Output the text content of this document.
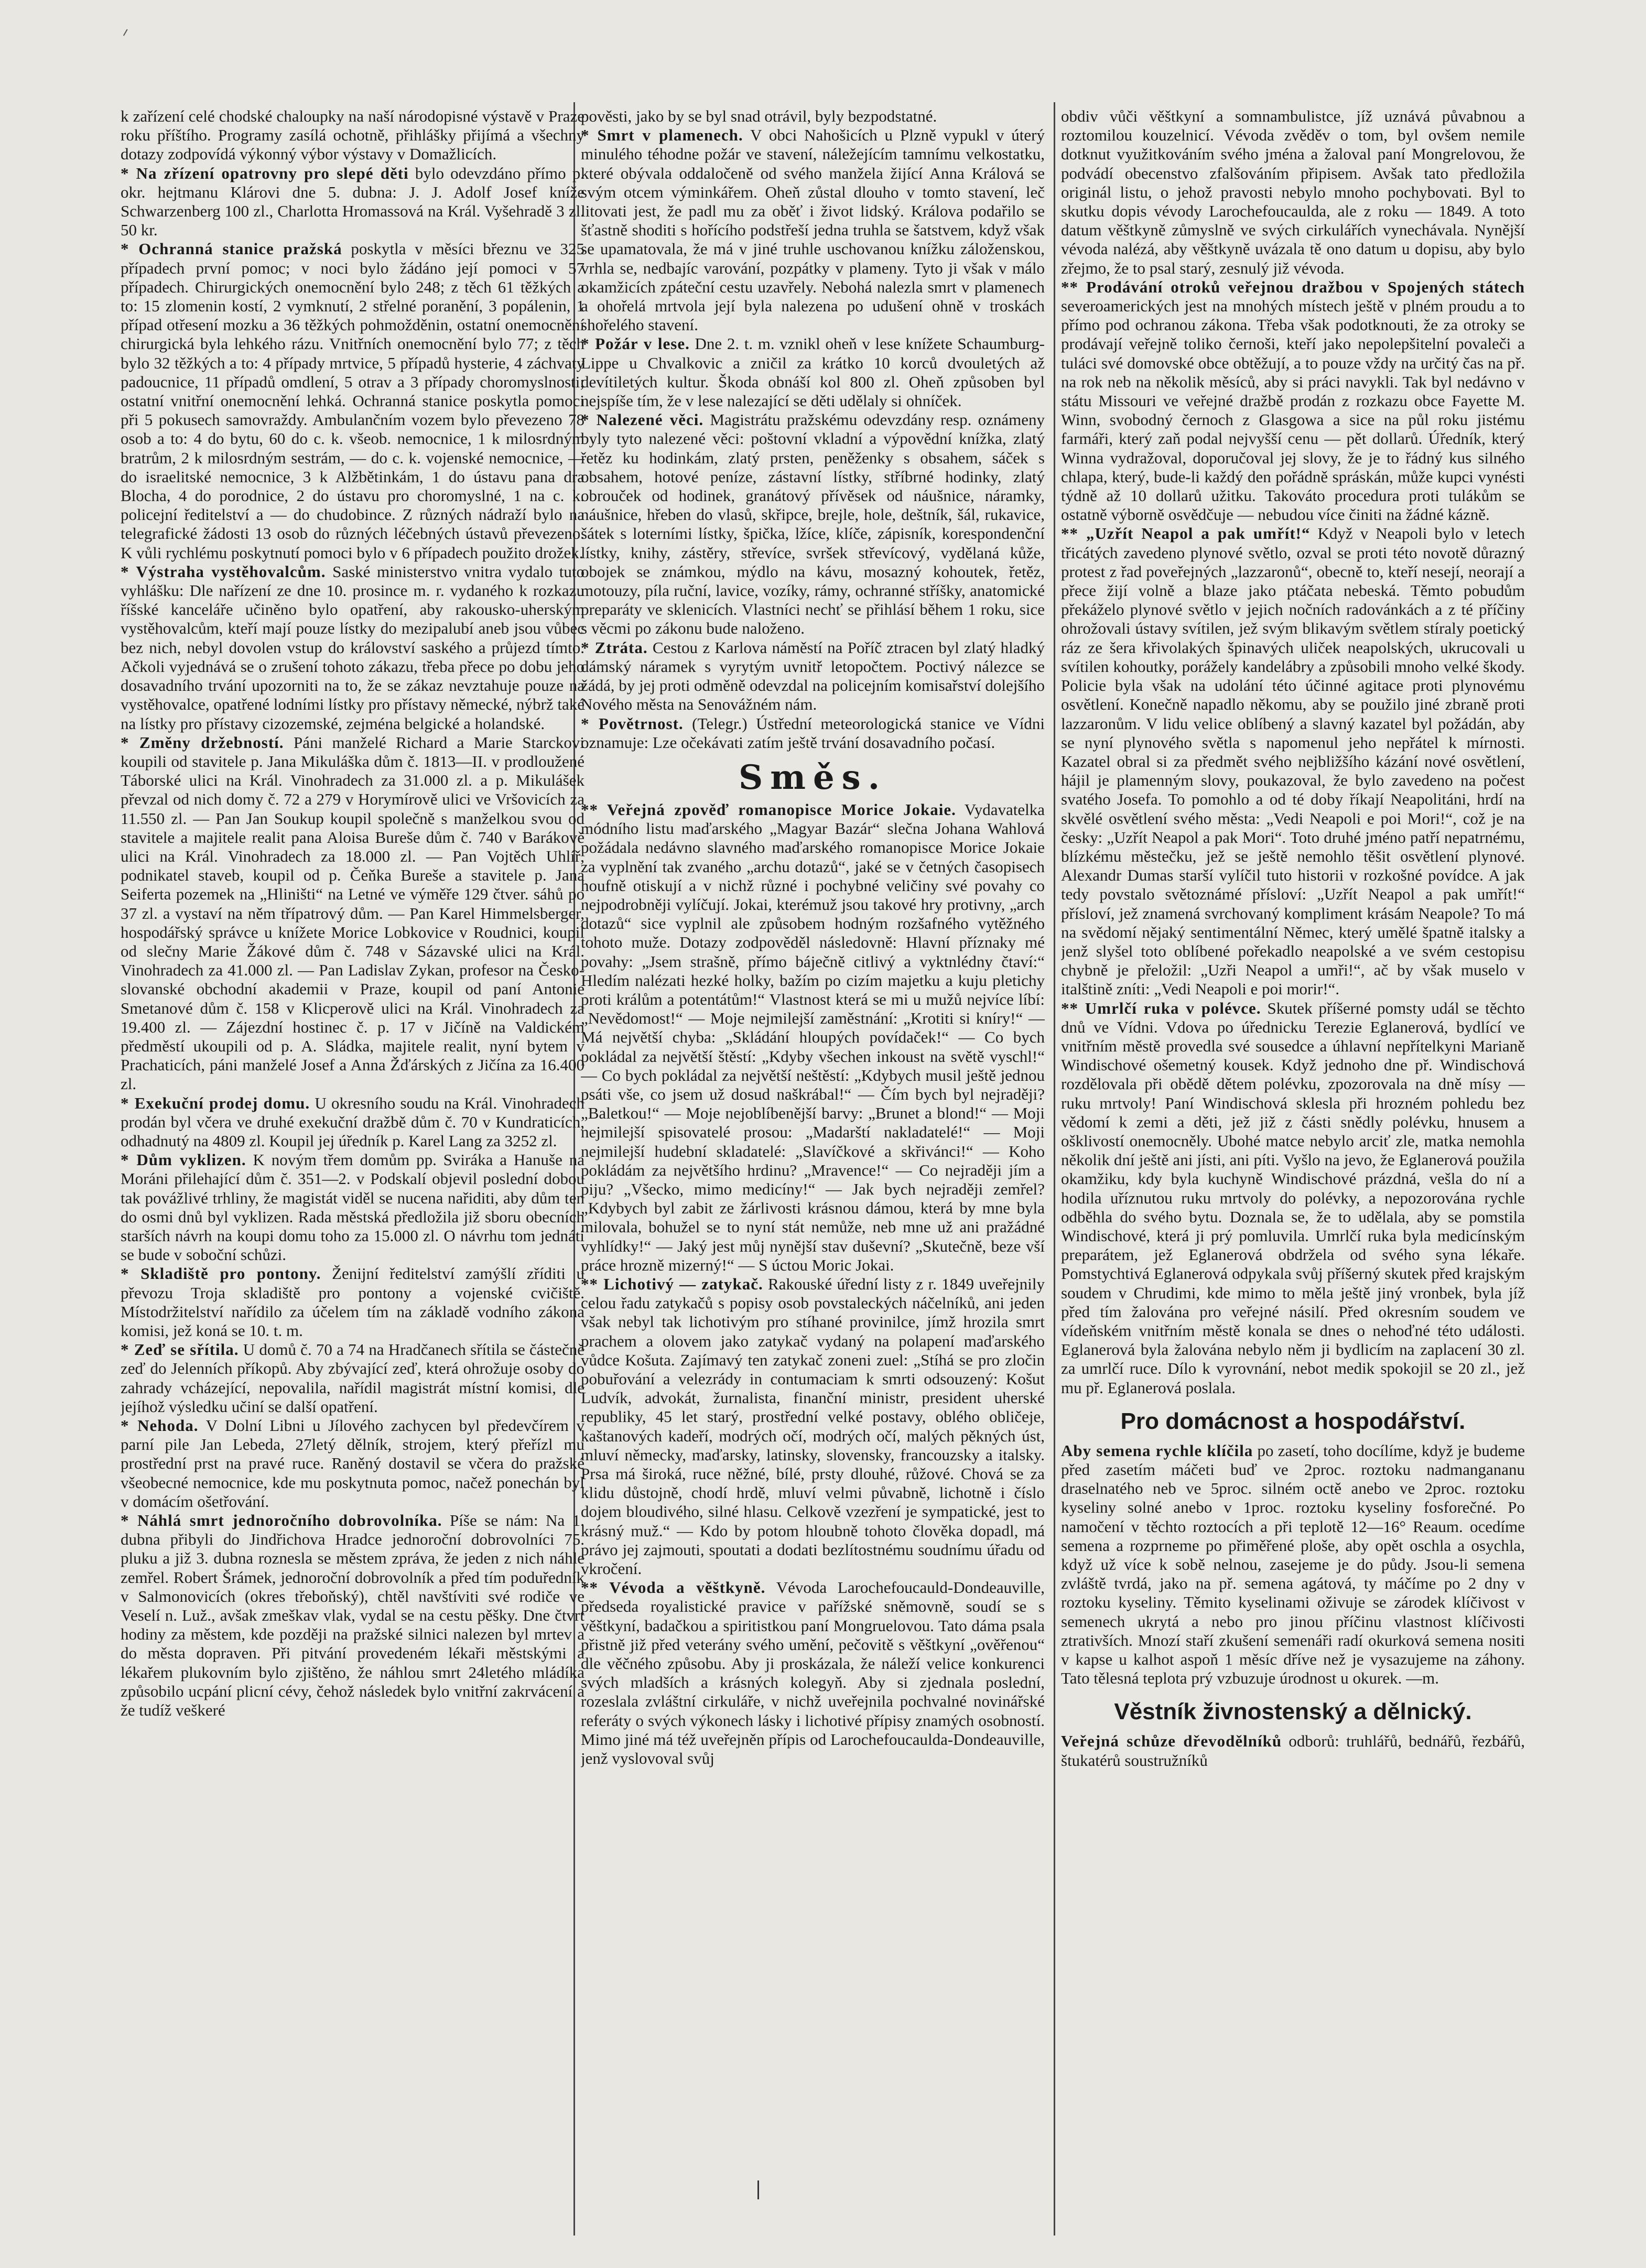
k zařízení celé chodské chaloupky na naší národopisné výstavě v Praze roku příštího. Programy zasílá ochotně, přihlášky přijímá a všechny dotazy zodpovídá výkonný výbor výstavy v Domažlicích.

* Na zřízení opatrovny pro slepé děti bylo odevzdáno přímo p. okr. hejtmanu Klárovi dne 5. dubna: J. J. Adolf Josef kníže Schwarzenberg 100 zl., Charlotta Hromassová na Král. Vyšehradě 3 zl. 50 kr.

* Ochranná stanice pražská poskytla v měsíci březnu ve 325 případech první pomoc; v noci bylo žádáno její pomoci v 57 případech. Chirurgických onemocnění bylo 248; z těch 61 těžkých a to: 15 zlomenin kostí, 2 vymknutí, 2 střelné poranění, 3 popálenin, 1 případ otřesení mozku a 36 těžkých pohmožděnin, ostatní onemocnění chirurgická byla lehkého rázu. Vnitřních onemocnění bylo 77; z těch bylo 32 těžkých a to: 4 případy mrtvice, 5 případů hysterie, 4 záchvaty padoucnice, 11 případů omdlení, 5 otrav a 3 případy choromyslnosti; ostatní vnitřní onemocnění lehká. Ochranná stanice poskytla pomoci při 5 pokusech samovraždy. Ambulančním vozem bylo převezeno 78 osob a to: 4 do bytu, 60 do c. k. všeob. nemocnice, 1 k milosrdným bratrům, 2 k milosrdným sestrám, — do c. k. vojenské nemocnice, — do israelitské nemocnice, 3 k Alžbětinkám, 1 do ústavu pana dra Blocha, 4 do porodnice, 2 do ústavu pro choromyslné, 1 na c. k. policejní ředitelství a — do chudobince. Z různých nádraží bylo na telegrafické žádosti 13 osob do různých léčebných ústavů převezeno. K vůli rychlému poskytnutí pomoci bylo v 6 případech použito drožek.

* Výstraha vystěhovalcům. Saské ministerstvo vnitra vydalo tuto vyhlášku: Dle nařízení ze dne 10. prosince m. r. vydaného k rozkazu říšské kanceláře učiněno bylo opatření, aby rakousko-uherským vystěhovalcům, kteří mají pouze lístky do mezipalubí aneb jsou vůbec bez nich, nebyl dovolen vstup do království saského a průjezd tímto. Ačkoli vyjednává se o zrušení tohoto zákazu, třeba přece po dobu jeho dosavadního trvání upozorniti na to, že se zákaz nevztahuje pouze na vystěhovalce, opatřené lodními lístky pro přístavy německé, nýbrž také na lístky pro přístavy cizozemské, zejména belgické a holandské.

* Změny držebností. Páni manželé Richard a Marie Starckovi koupili od stavitele p. Jana Mikuláška dům č. 1813—II. v prodloužené Táborské ulici na Král. Vinohradech za 31.000 zl. a p. Mikulášek převzal od nich domy č. 72 a 279 v Horymírově ulici ve Vršovicích za 11.550 zl. — Pan Jan Soukup koupil společně s manželkou svou od stavitele a majitele realit pana Aloisa Bureše dům č. 740 v Barákově ulici na Král. Vinohradech za 18.000 zl. — Pan Vojtěch Uhlíř, podnikatel staveb, koupil od p. Čeňka Bureše a stavitele p. Jana Seiferta pozemek na „Hliništi“ na Letné ve výměře 129 čtver. sáhů po 37 zl. a vystaví na něm třípatrový dům. — Pan Karel Himmelsberger, hospodářský správce u knížete Morice Lobkovice v Roudnici, koupil od slečny Marie Žákové dům č. 748 v Sázavské ulici na Král. Vinohradech za 41.000 zl. — Pan Ladislav Zykan, profesor na Česko-slovanské obchodní akademii v Praze, koupil od paní Antonie Smetanové dům č. 158 v Klicperově ulici na Král. Vinohradech za 19.400 zl. — Zájezdní hostinec č. p. 17 v Jičíně na Valdickém předměstí ukoupili od p. A. Sládka, majitele realit, nyní bytem v Prachaticích, páni manželé Josef a Anna Žďárských z Jičína za 16.400 zl.

* Exekuční prodej domu. U okresního soudu na Král. Vinohradech prodán byl včera ve druhé exekuční dražbě dům č. 70 v Kundraticích, odhadnutý na 4809 zl. Koupil jej úředník p. Karel Lang za 3252 zl.

* Dům vyklizen. K novým třem domům pp. Sviráka a Hanuše na Moráni přilehající dům č. 351—2. v Podskalí objevil poslední dobou tak povážlivé trhliny, že magistát viděl se nucena nařiditi, aby dům ten do osmi dnů byl vyklizen. Rada městská předložila již sboru obecních starších návrh na koupi domu toho za 15.000 zl. O návrhu tom jednáti se bude v soboční schůzi.

* Skladiště pro pontony. Ženijní ředitelství zamýšlí zříditi u převozu Troja skladiště pro pontony a vojenské cvičiště. Místodržitelství nařídilo za účelem tím na základě vodního zákona komisi, jež koná se 10. t. m.

* Zeď se sřítila. U domů č. 70 a 74 na Hradčanech sřítila se částečně zeď do Jelenních příkopů. Aby zbývající zeď, která ohrožuje osoby do zahrady vcházející, nepovalila, nařídil magistrát místní komisi, dle jejíhož výsledku učiní se další opatření.

* Nehoda. V Dolní Libni u Jílového zachycen byl předevčírem v parní pile Jan Lebeda, 27letý dělník, strojem, který přeřízl mu prostřední prst na pravé ruce. Raněný dostavil se včera do pražské všeobecné nemocnice, kde mu poskytnuta pomoc, načež ponechán byl v domácím ošetřování.

* Náhlá smrt jednoročního dobrovolníka. Píše se nám: Na 1. dubna přibyli do Jindřichova Hradce jednoroční dobrovolníci 75. pluku a již 3. dubna rozneslа se městem zpráva, že jeden z nich náhle zemřel. Robert Šrámek, jednoroční dobrovolník a před tím poduředník v Salmonovicích (okres třeboňský), chtěl navštíviti své rodiče ve Veselí n. Luž., avšak zmeškav vlak, vydal se na cestu pěšky. Dne čtvrt hodiny za městem, kde později na pražské silnici nalezen byl mrtev a do města dopraven. Při pitvání provedeném lékaři městskými a lékařem plukovním bylo zjištěno, že náhlou smrt 24letého mládíka způsobilo ucpání plicní cévy, čehož následek bylo vnitřní zakrvácení a že tudíž veškeré

pověsti, jako by se byl snad otrávil, byly bezpodstatné.

* Smrt v plamenech. V obci Nahošicích u Plzně vypukl v úterý minulého téhodne požár ve stavení, náležejícím tamnímu velkostatku, které obývala oddaločeně od svého manžela žijící Anna Králová se svým otcem výminkářem. Oheň zůstal dlouho v tomto stavení, leč litovati jest, že padl mu za oběť i život lidský. Králova podařilo se šťastně shoditi s hořícího podstřeší jedna truhla se šatstvem, když však se upamatovala, že má v jiné truhle uschovanou knížku záloženskou, vrhla se, nedbajíc varování, pozpátky v plameny. Tyto ji však v málo okamžicích zpáteční cestu uzavřely. Nebohá nalezla smrt v plamenech a ohořelá mrtvola její byla nalezena po udušení ohně v troskách shořelého stavení.

* Požár v lese. Dne 2. t. m. vznikl oheň v lese knížete Schaumburg-Lippe u Chvalkovic a zničil za krátko 10 korců dvouletých až devítiletých kultur. Škoda obnáší kol 800 zl. Oheň způsoben byl nejspíše tím, že v lese nalezající se děti udělaly si ohníček.

* Nalezené věci. Magistrátu pražskému odevzdány resp. oznámeny byly tyto nalezené věci: poštovní vkladní a výpovědní knížka, zlatý řetěz ku hodinkám, zlatý prsten, peněženky s obsahem, sáček s obsahem, hotové peníze, zástavní lístky, stříbrné hodinky, zlatý obrouček od hodinek, granátový přívěsek od náušnice, náramky, náušnice, hřeben do vlasů, skřipce, brejle, hole, deštník, šál, rukavice, šátek s loterními lístky, špička, lžíce, klíče, zápisník, korespondenční lístky, knihy, zástěry, střevíce, svršek střevícový, vydělaná kůže, obojek se známkou, mýdlo na kávu, mosazný kohoutek, řetěz, motouzy, píla ruční, lavice, vozíky, rámy, ochranné stříšky, anatomické preparáty ve sklenicích. Vlastníci nechť se přihlásí během 1 roku, sice s věcmi po zákonu bude naloženo.

* Ztráta. Cestou z Karlova náměstí na Poříč ztracen byl zlatý hladký dámský náramek s vyrytým uvnitř letopočtem. Poctivý nálezce se žádá, by jej proti odměně odevzdal na policejním komisařství dolejšího Nového města na Senovážném nám.

* Povětrnost. (Telegr.) Ústřední meteorologická stanice ve Vídni oznamuje: Lze očekávati zatím ještě trvání dosavadního počasí.

Směs.

** Veřejná zpověď romanopisce Morice Jokaie. Vydavatelka módního listu maďarského „Magyar Bazár“ slečna Johana Wahlová požádala nedávno slavného maďarského romanopisce Morice Jokaie za vyplnění tak zvaného „archu dotazů“, jaké se v četných časopisech houfně otiskují a v nichž různé i pochybné veličiny své povahy co nejpodrobněji vylíčují. Jokai, kterémuž jsou takové hry protivny, „arch dotazů“ sice vyplnil ale způsobem hodným rozšafného vytěžného tohoto muže. Dotazy zodpověděl následovně: Hlavní příznaky mé povahy: „Jsem strašně, přímo báječně citlivý a vyktnlédny čtaví:“ Hledím nalézati hezké holky, bažím po cizím majetku a kuju pletichy proti králům a potentátům!“ Vlastnost která se mi u mužů nejvíce líbí: „Nevědomost!“ — Moje nejmilejší zaměstnání: „Krotiti si kníry!“ — Má největší chyba: „Skládání hloupých povídaček!“ — Co bych pokládal za největší štěstí: „Kdyby všechen inkoust na světě vyschl!“ — Co bych pokládal za největší neštěstí: „Kdybych musil ještě jednou psáti vše, co jsem už dosud naškrábal!“ — Čím bych byl nejraději? „Baletkou!“ — Moje nejoblíbenější barvy: „Brunet a blond!“ — Moji nejmilejší spisovatelé prosou: „Madarští nakladatelé!“ — Moji nejmilejší hudební skladatelé: „Slavíčkové a skřivánci!“ — Koho pokládám za největšího hrdinu? „Mravence!“ — Co nejraději jím a piju? „Všecko, mimo medicíny!“ — Jak bych nejraději zemřel? „Kdybych byl zabit ze žárlivosti krásnou dámou, která by mne byla milovala, bohužel se to nyní stát nemůže, neb mne už ani pražádné vyhlídky!“ — Jaký jest můj nynější stav duševní? „Skutečně, beze vší práce hrozně mizerný!“ — S úctou Moric Jokai.

** Lichotivý — zatykač. Rakouské úřední listy z r. 1849 uveřejnily celou řadu zatykačů s popisy osob povstaleckých náčelníků, ani jeden však nebyl tak lichotivým pro stíhané provinilce, jímž hrozila smrt prachem a olovem jako zatykač vydaný na polapení maďarského vůdce Košuta. Zajímavý ten zatykač zoneni zuel: „Stíhá se pro zločin pobuřování a velezrády in contumaciam k smrti odsouzený: Košut Ludvík, advokát, žurnalista, finanční ministr, president uherské republiky, 45 let starý, prostřední velké postavy, oblého obličeje, kaštanových kadeří, modrých očí, modrých očí, malých pěkných úst, mluví německy, maďarsky, latinsky, slovensky, francouzsky a italsky. Prsa má široká, ruce něžné, bílé, prsty dlouhé, růžové. Chová se za klidu důstojně, chodí hrdě, mluví velmi půvabně, lichotně i číslo dojem bloudivého, silné hlasu. Celkově vzezření je sympatické, jest to krásný muž.“ — Kdo by potom hloubně tohoto člověka dopadl, má právo jej zajmouti, spoutati a dodati bezlítostnému soudnímu úřadu od vkročení.

** Vévoda a věštkyně. Vévoda Larochefoucauld-Dondeauville, předseda royalistické pravice v pařížské sněmovně, soudí se s věštkyní, badačkou a spiritistkou paní Mongruelovou. Tato dáma psala přistně již před veterány svého umění, pečovitě s věštkyní „ověřenou“ dle věčného způsobu. Aby ji proskázala, že náleží velice konkurenci svých mladších a krásných kolegyň. Aby si zjednala poslední, rozeslala zvláštní cirkuláře, v nichž uveřejnila pochvalné novinářské referáty o svých výkonech lásky i lichotivé přípisy znamých osobností. Mimo jiné má též uveřejněn přípis od Larochefoucaulda-Dondeauville, jenž vyslovoval svůj

obdiv vůči věštkyní a somnambulistce, jíž uznává půvabnou a roztomilou kouzelnicí. Vévoda zvěděv o tom, byl ovšem nemile dotknut využitkováním svého jména a žaloval paní Mongrelovou, že podvádí obecenstvo zfalšováním připisem. Avšak tato předložila originál listu, o jehož pravosti nebylo mnoho pochybovati. Byl to skutku dopis vévody Larochefoucaulda, ale z roku — 1849. A toto datum věštkyně zůmyslně ve svých cirkulářích vynechávala. Nynější vévoda nalézá, aby věštkyně uvázala tě ono datum u dopisu, aby bylo zřejmo, že to psal starý, zesnulý již vévoda.

** Prodávání otroků veřejnou dražbou v Spojených státech severoamerických jest na mnohých místech ještě v plném proudu a to přímo pod ochranou zákona. Třeba však podotknouti, že za otroky se prodávají veřejně toliko černoši, kteří jako nepolepšitelní povaleči a tuláci své domovské obce obtěžují, a to pouze vždy na určitý čas na př. na rok neb na několik měsíců, aby si práci navykli. Tak byl nedávno v státu Missouri ve veřejné dražbě prodán z rozkazu obce Fayette M. Winn, svobodný černoch z Glasgowa a sice na půl roku jistému farmáři, který zaň podal nejvyšší cenu — pět dollarů. Úředník, který Winna vydražoval, doporučoval jej slovy, že je to řádný kus silného chlapa, který, bude-li každý den pořádně spráskán, může kupci vynésti týdně až 10 dollarů užitku. Takováto procedura proti tulákům se ostatně výborně osvědčuje — nebudou více činiti na žádné kázně.

** „Uzřít Neapol a pak umřít!“ Když v Neapoli bylo v letech třicátých zavedeno plynové světlo, ozval se proti této novotě důrazný protest z řad poveřejných „lazzaronů“, obecně to, kteří nesejí, neorají a přece žijí volně a blaze jako ptáčata nebeská. Těmto pobudům překáželo plynové světlo v jejich nočních radovánkách a z té příčiny ohrožovali ústavy svítilen, jež svým blikavým světlem stíraly poetický ráz ze šera křivolakých špinavých uliček neapolských, ukrucovali u svítilen kohoutky, porážely kandelábry a způsobili mnoho velké škody. Policie byla však na udolání této účinné agitace proti plynovému osvětlení. Konečně napadlo někomu, aby se použilo jiné zbraně proti lazzaronům. V lidu velice oblíbený a slavný kazatel byl požádán, aby se nyní plynového světla s napomenul jeho nepřátel k mírnosti. Kazatel obral si za předmět svého nejbližšího kázání nové osvětlení, hájil je plamenným slovy, poukazoval, že bylo zavedeno na počest svatého Josefa. To pomohlo a od té doby říkají Neapolitáni, hrdí na skvělé osvětlení svého města: „Vedi Neapoli e poi Mori!“, což je na česky: „Uzřít Neapol a pak Mori“. Toto druhé jméno patří nepatrnému, blízkému městečku, jež se ještě nemohlo těšit osvětlení plynové. Alexandr Dumas starší vylíčil tuto historii v rozkošné povídce. A jak tedy povstalo světoznámé přísloví: „Uzřít Neapol a pak umřít!“ přísloví, jež znamená svrchovaný kompliment krásám Neapole? To má na svědomí nějaký sentimentální Němec, který umělé špatně italsky a jenž slyšel toto oblíbené pořekadlo neapolské a ve svém cestopisu chybně je přeložil: „Uzři Neapol a umři!“, ač by však muselo v italštině zníti: „Vedi Neapoli e poi morir!“.

** Umrlčí ruka v polévce. Skutek příšerné pomsty udál se těchto dnů ve Vídni. Vdova po úřednicku Terezie Eglanerová, bydlící ve vnitřním městě provedla své sousedce a úhlavní nepřítelkyni Marianě Windischové ošemetný kousek. Když jednoho dne př. Windischová rozdělovala při obědě dětem polévku, zpozorovala na dně mísy — ruku mrtvoly! Paní Windischová skleslа při hrozném pohledu bez vědomí k zemi a děti, jež již z části snědly polévku, hnusem a ošklivostí onemocněly. Ubohé matce nebylo arciť zle, matka nemohla několik dní ještě ani jísti, ani píti. Vyšlo na jevo, že Eglanerová použila okamžiku, kdy byla kuchyně Windischové prázdná, vešla do ní a hodila uříznutou ruku mrtvoly do polévky, a nepozorována rychle odběhla do svého bytu. Doznala se, že to udělala, aby se pomstila Windischové, která ji prý pomluvila. Umrlčí ruka byla medicínským preparátem, jež Eglanerová obdržela od svého syna lékaře. Pomstychtivá Eglanerová odpykala svůj příšerný skutek před krajským soudem v Chrudimi, kde mimo to měla ještě jiný vronbek, byla jíž před tím žalována pro veřejné násilí. Před okresním soudem ve vídeňském vnitřním městě konala se dnes o nehoďné této události. Eglanerová byla žalována nebylo něm ji bydlicím na zaplacení 30 zl. za umrlčí ruce. Dílo k vyrovnání, nebot medik spokojil se 20 zl., jež mu př. Eglanerová poslala.

Pro domácnost a hospodářství.

Aby semena rychle klíčila po zasetí, toho docílíme, když je budeme před zasetím máčeti buď ve 2proc. roztoku nadmangananu draselnatého neb ve 5proc. silném octě anebo ve 2proc. roztoku kyseliny solné anebo v 1proc. roztoku kyseliny fosforečné. Po namočení v těchto roztocích a při teplotě 12—16° Reaum. ocedíme semena a rozprneme po přiměřené ploše, aby opět oschla a osychla, když už více k sobě nelnou, zasejeme je do půdy. Jsou-li semena zvláště tvrdá, jako na př. semena agátová, ty máčíme po 2 dny v roztoku kyseliny. Těmito kyselinami oživuje se zárodek klíčivost v semenech ukrytá a nebo pro jinou příčinu vlastnost klíčivosti ztrativších. Mnozí staří zkušení semenáři radí okurková semena nositi v kapse u kalhot aspoň 1 měsíc dříve než je vysazujeme na záhony. Tato tělesná teplota prý vzbuzuje úrodnost u okurek. —m.

Věstník živnostenský a dělnický.

Veřejná schůze dřevodělníků odborů: truhlářů, bednářů, řezbářů, štukatérů soustružníků
